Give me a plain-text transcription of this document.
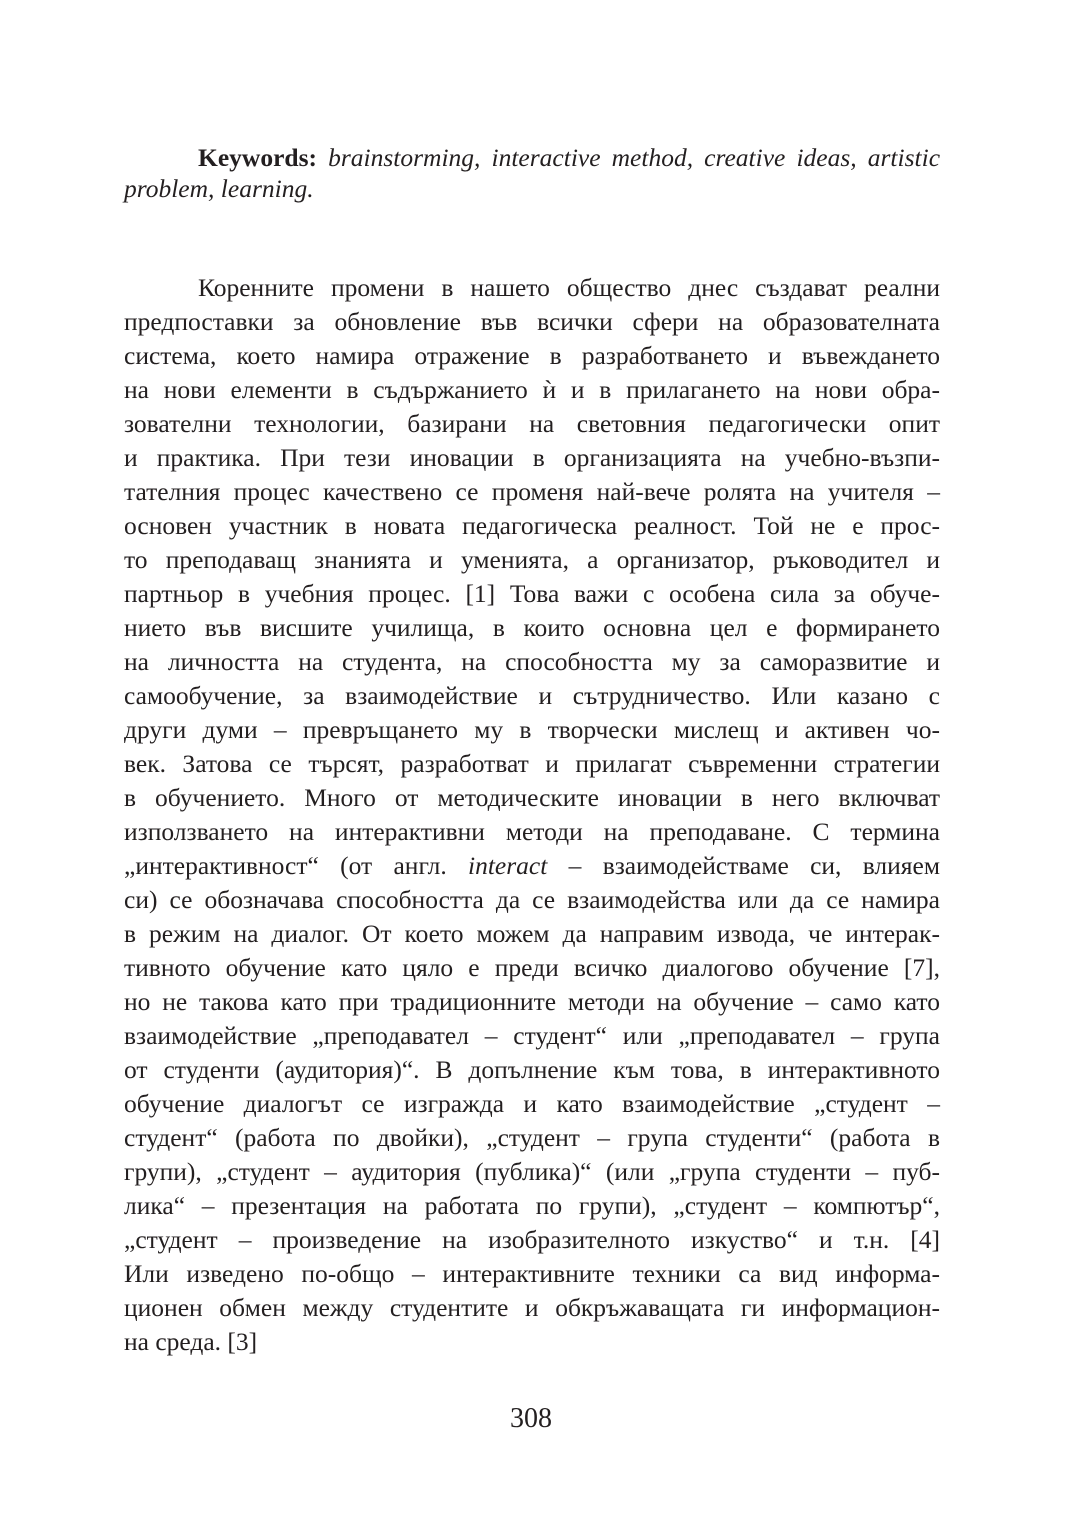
Keywords: brainstorming, interactive method, creative ideas, artistic problem, learning.

Коренните промени в нашето общество днес създават реални
предпоставки за обновление във всички сфери на образователната
система, което намира отражение в разработването и въвеждането
на нови елементи в съдържанието ѝ и в прилагането на нови обра-
зователни технологии, базирани на световния педагогически опит
и практика. При тези иновации в организацията на учебно-възпи-
тателния процес качествено се променя най-вече ролята на учителя –
основен участник в новата педагогическа реалност. Той не е прос-
то преподаващ знанията и уменията, а организатор, ръководител и
партньор в учебния процес. [1] Това важи с особена сила за обуче-
нието във висшите училища, в които основна цел е формирането
на личността на студента, на способността му за саморазвитие и
самообучение, за взаимодействие и сътрудничество. Или казано с
други думи – превръщането му в творчески мислещ и активен чо-
век. Затова се търсят, разработват и прилагат съвременни стратегии
в обучението. Много от методическите иновации в него включват
използването на интерактивни методи на преподаване. С термина
„интерактивност“ (от англ. interact – взаимодействаме си, влияем
си) се обозначава способността да се взаимодейства или да се намира
в режим на диалог. От което можем да направим извода, че интерак-
тивното обучение като цяло е преди всичко диалогово обучение [7],
но не такова като при традиционните методи на обучение – само като
взаимодействие „преподавател – студент“ или „преподавател – група
от студенти (аудитория)“. В допълнение към това, в интерактивното
обучение диалогът се изгражда и като взаимодействие „студент –
студент“ (работа по двойки), „студент – група студенти“ (работа в
групи), „студент – аудитория (публика)“ (или „група студенти – пуб-
лика“ – презентация на работата по групи), „студент – компютър“,
„студент – произведение на изобразителното изкуство“ и т.н. [4]
Или изведено по-общо – интерактивните техники са вид информа-
ционен обмен между студентите и обкръжаващата ги информацион-
на среда. [3]
308
